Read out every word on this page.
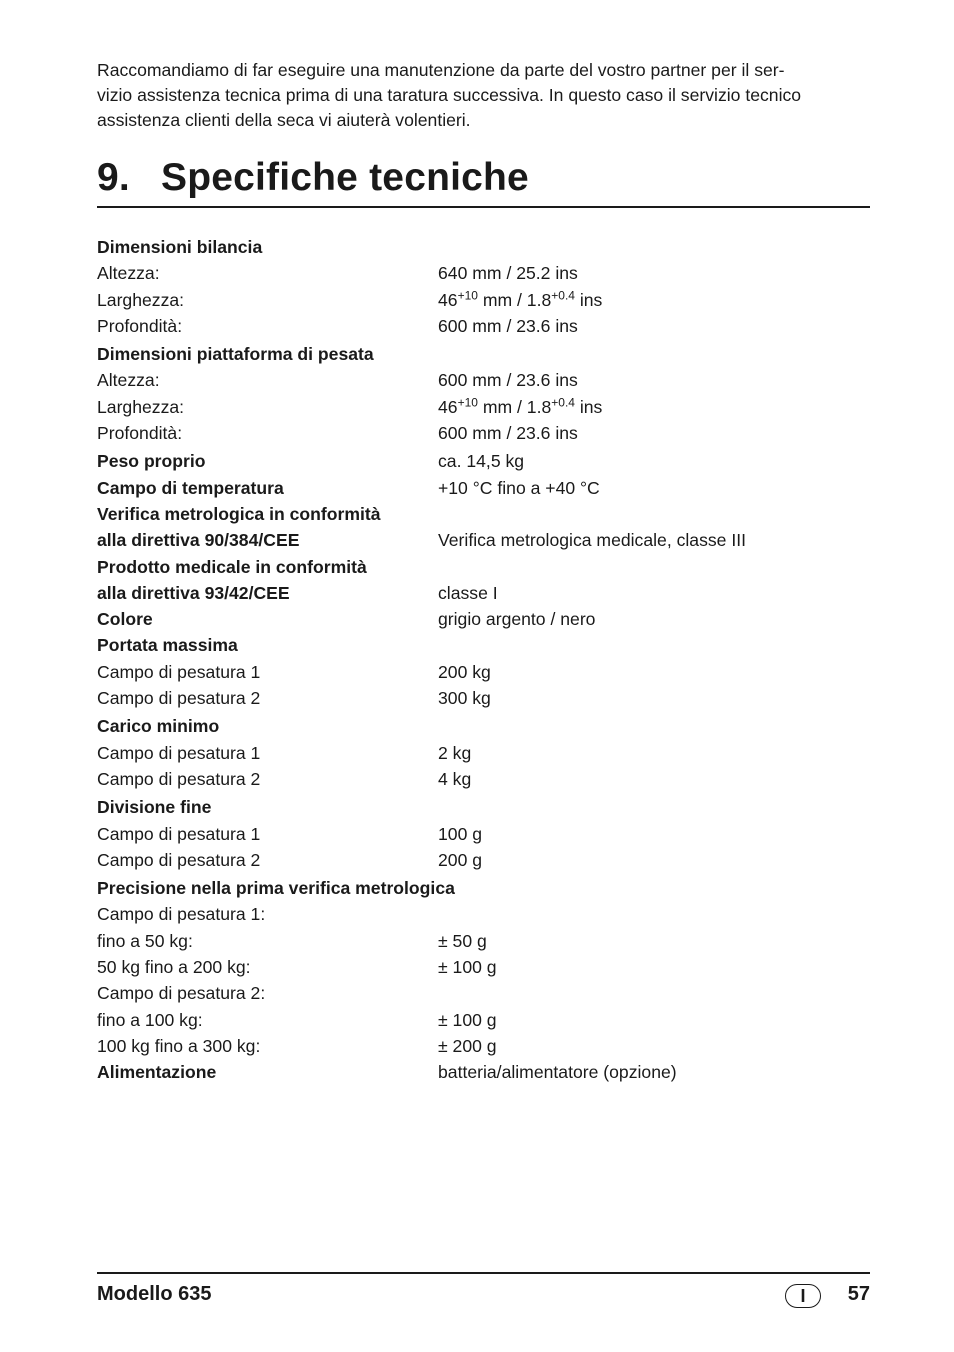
Raccomandiamo di far eseguire una manutenzione da parte del vostro partner per il ser-
vizio assistenza tecnica prima di una taratura successiva. In questo caso il servizio tecnico
assistenza clienti della seca vi aiuterà volentieri.
9. Specifiche tecniche
Dimensioni bilancia
Altezza:	640 mm / 25.2 ins
Larghezza:	$46^{+10}$ mm / $1.8^{+0.4}$ ins
Profondità:	600 mm / 23.6 ins
Dimensioni piattaforma di pesata
Altezza:	600 mm / 23.6 ins
Larghezza:	$46^{+10}$ mm / $1.8^{+0.4}$ ins
Profondità:	600 mm / 23.6 ins
Peso proprio	ca. 14,5 kg
Campo di temperatura	+10 °C fino a +40 °C
Verifica metrologica in conformità
alla direttiva 90/384/CEE	Verifica metrologica medicale, classe III
Prodotto medicale in conformità
alla direttiva 93/42/CEE	classe I
Colore	grigio argento / nero
Portata massima
Campo di pesatura 1	200 kg
Campo di pesatura 2	300 kg
Carico minimo
Campo di pesatura 1	2 kg
Campo di pesatura 2	4 kg
Divisione fine
Campo di pesatura 1	100 g
Campo di pesatura 2	200 g
Precisione nella prima verifica metrologica
Campo di pesatura 1:
fino a 50 kg:	± 50 g
50 kg fino a 200 kg:	± 100 g
Campo di pesatura 2:
fino a 100 kg:	± 100 g
100 kg fino a 300 kg:	± 200 g
Alimentazione	batteria/alimentatore (opzione)
Modello 635	I	57
